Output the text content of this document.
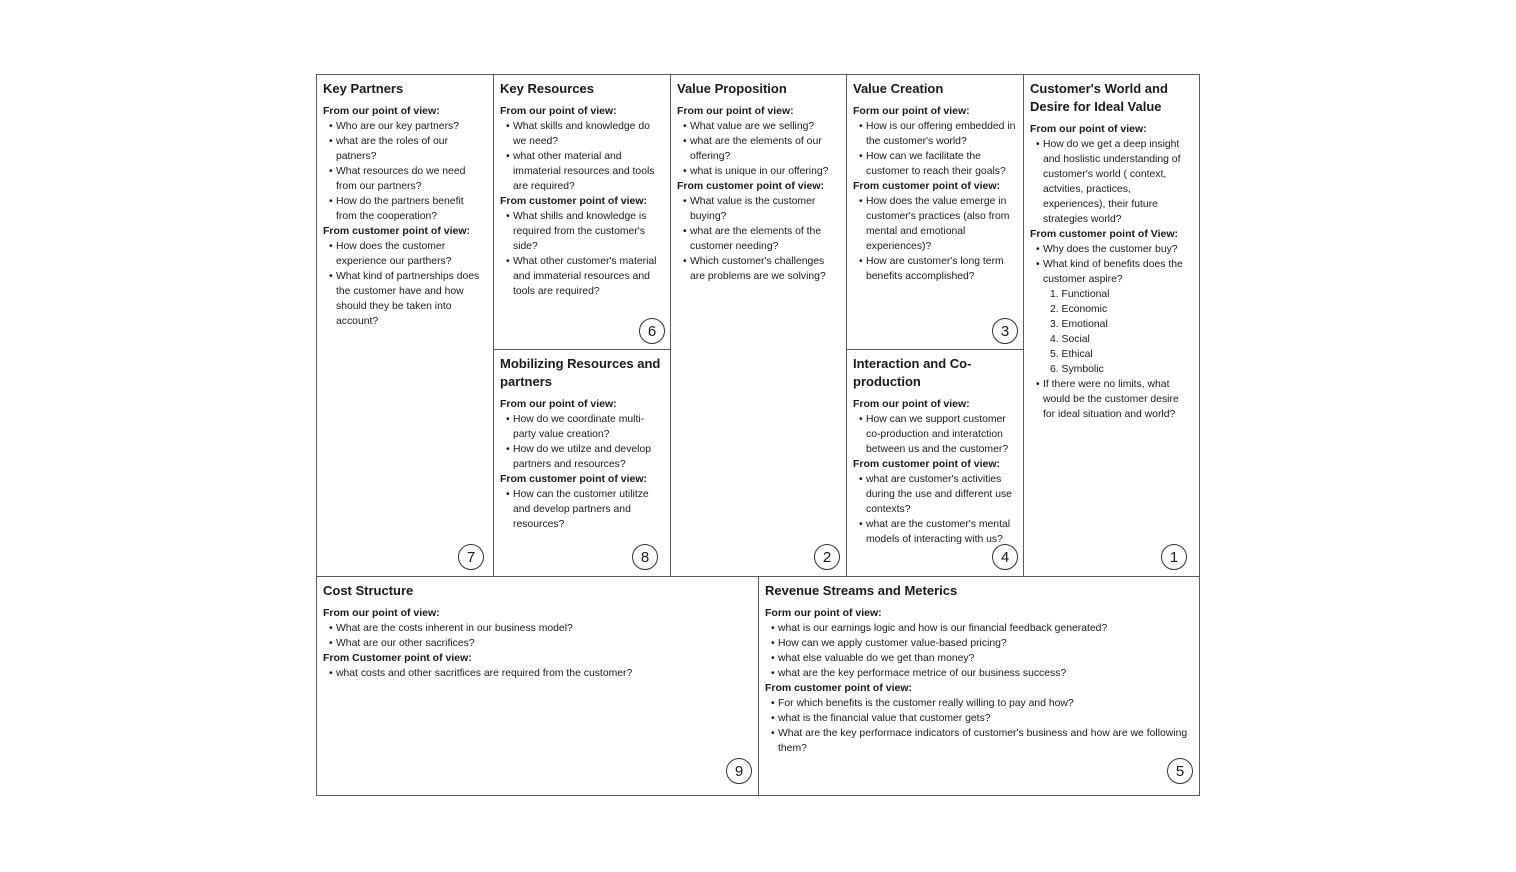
Key Partners
From our point of view:
• Who are our key partners?
• what are the roles of our patners?
• What resources do we need from our partners?
• How do the partners benefit from the cooperation?
From customer point of view:
• How does the customer experience our parthers?
• What kind of partnerships does the customer have and how should they be taken into account?
7
Key Resources
From our point of view:
• What skills and knowledge do we need?
• what other material and immaterial resources and tools are required?
From customer point of view:
• What shills and knowledge is required from the customer's side?
• What other customer's material and immaterial resources and tools are required?
6
Mobilizing Resources and partners
From our point of view:
• How do we coordinate multi-party value creation?
• How do we utilze and develop partners and resources?
From customer point of view:
• How can the customer utilitze and develop partners and resources?
8
Value Proposition
From our point of view:
• What value are we selling?
• what are the elements of our offering?
• what is unique in our offering?
From customer point of view:
• What value is the customer buying?
• what are the elements of the customer needing?
• Which customer's challenges are problems are we solving?
2
Value Creation
Form our point of view:
• How is our offering embedded in the customer's world?
• How can we facilitate the customer to reach their goals?
From customer point of view:
• How does the value emerge in customer's practices (also from mental and emotional experiences)?
• How are customer's long term benefits accomplished?
3
Interaction and Co-production
From our point of view:
• How can we support customer co-production and interatction between us and the customer?
From customer point of view:
• what are customer's activities during the use and different use contexts?
• what are the customer's mental models of interacting with us?
4
Customer's World and Desire for Ideal Value
From our point of view:
• How do we get a deep insight and hoslistic understanding of customer's world ( context, actvities, practices, experiences), their future strategies world?
From customer point of View:
• Why does the customer buy?
• What kind of benefits does the customer aspire?
1. Functional
2. Economic
3. Emotional
4. Social
5. Ethical
6. Symbolic
• If there were no limits, what would be the customer desire for ideal situation and world?
1
Cost Structure
From our point of view:
• What are the costs inherent in our business model?
• What are our other sacrifices?
From Customer point of view:
• what costs and other sacritfices are required from the customer?
9
Revenue Streams and Meterics
Form our point of view:
• what is our earnings logic and how is our financial feedback generated?
• How can we apply customer value-based pricing?
• what else valuable do we get than money?
• what are the key performace metrice of our business success?
From customer point of view:
• For which benefits is the customer really willing to pay and how?
• what is the financial value that customer gets?
• What are the key performace indicators of customer's business and how are we following them?
5
